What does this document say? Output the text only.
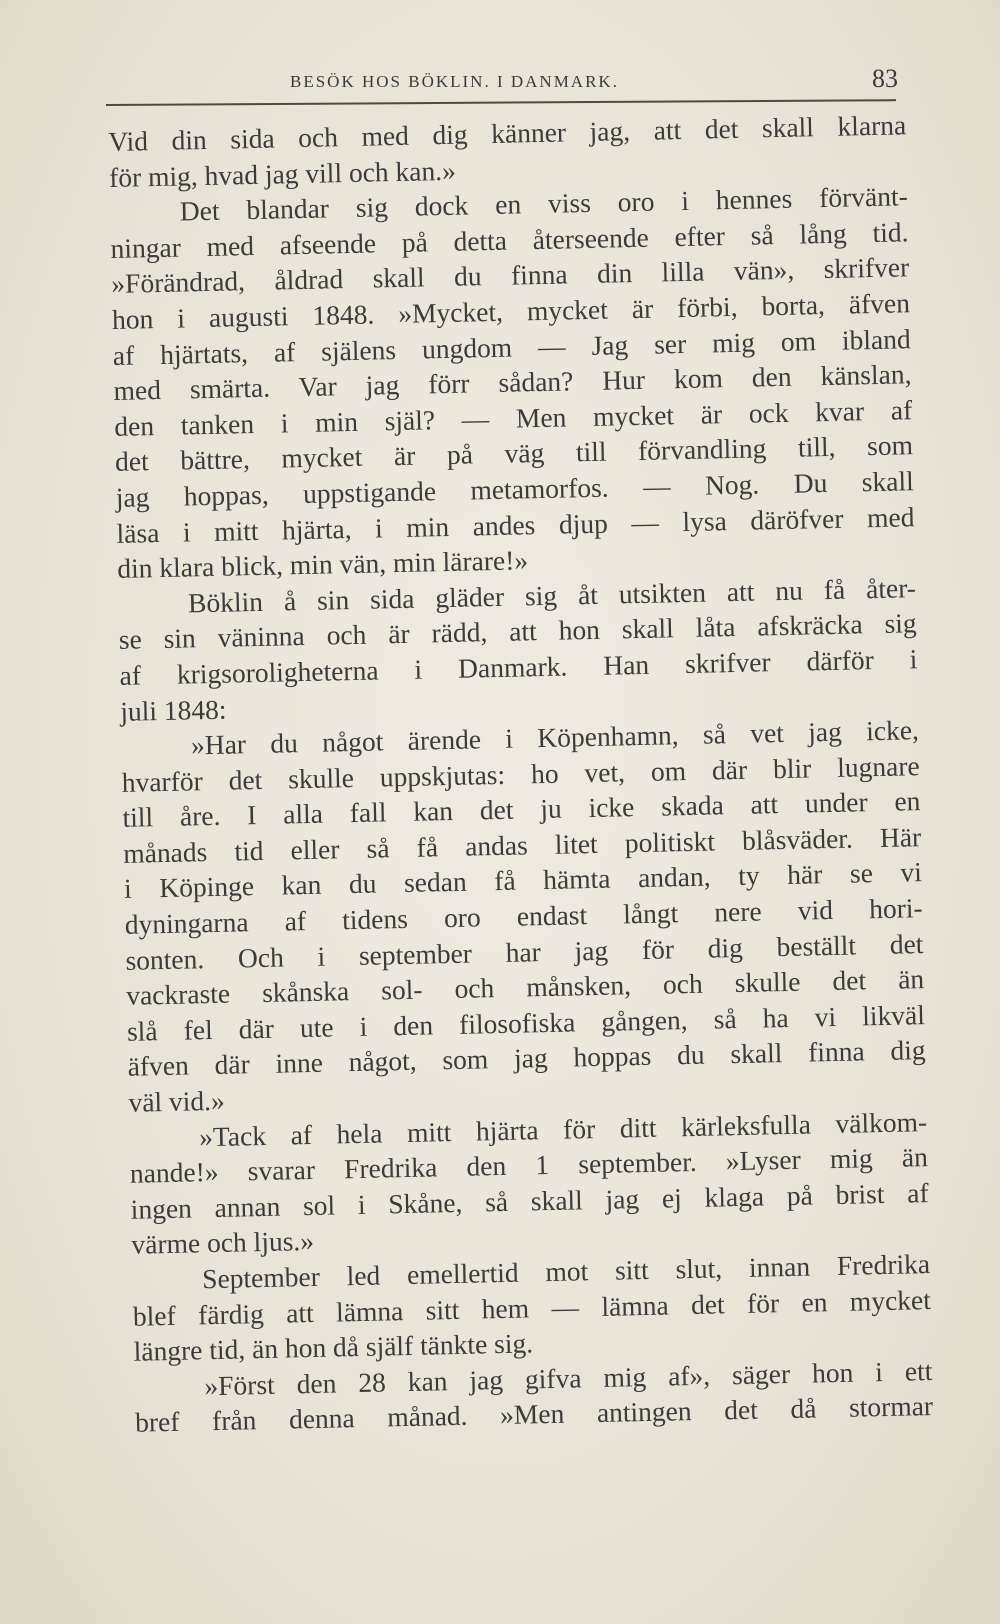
BESÖK HOS BÖKLIN. I DANMARK.	83
Vid din sida och med dig känner jag, att det skall klarna
för mig, hvad jag vill och kan.»
Det blandar sig dock en viss oro i hennes förvänt-
ningar med afseende på detta återseende efter så lång tid.
»Förändrad, åldrad skall du finna din lilla vän», skrifver
hon i augusti 1848. »Mycket, mycket är förbi, borta, äfven
af hjärtats, af själens ungdom — Jag ser mig om ibland
med smärta. Var jag förr sådan? Hur kom den känslan,
den tanken i min själ? — Men mycket är ock kvar af
det bättre, mycket är på väg till förvandling till, som
jag hoppas, uppstigande metamorfos. — Nog. Du skall
läsa i mitt hjärta, i min andes djup — lysa däröfver med
din klara blick, min vän, min lärare!»
Böklin å sin sida gläder sig åt utsikten att nu få åter-
se sin väninna och är rädd, att hon skall låta afskräcka sig
af krigsoroligheterna i Danmark. Han skrifver därför i
juli 1848:
»Har du något ärende i Köpenhamn, så vet jag icke,
hvarför det skulle uppskjutas: ho vet, om där blir lugnare
till åre. I alla fall kan det ju icke skada att under en
månads tid eller så få andas litet politiskt blåsväder. Här
i Köpinge kan du sedan få hämta andan, ty här se vi
dyningarna af tidens oro endast långt nere vid hori-
sonten. Och i september har jag för dig beställt det
vackraste skånska sol- och månsken, och skulle det än
slå fel där ute i den filosofiska gången, så ha vi likväl
äfven där inne något, som jag hoppas du skall finna dig
väl vid.»
»Tack af hela mitt hjärta för ditt kärleksfulla välkom-
nande!» svarar Fredrika den 1 september. »Lyser mig än
ingen annan sol i Skåne, så skall jag ej klaga på brist af
värme och ljus.»
September led emellertid mot sitt slut, innan Fredrika
blef färdig att lämna sitt hem — lämna det för en mycket
längre tid, än hon då själf tänkte sig.
»Först den 28 kan jag gifva mig af», säger hon i ett
bref från denna månad. »Men antingen det då stormar
